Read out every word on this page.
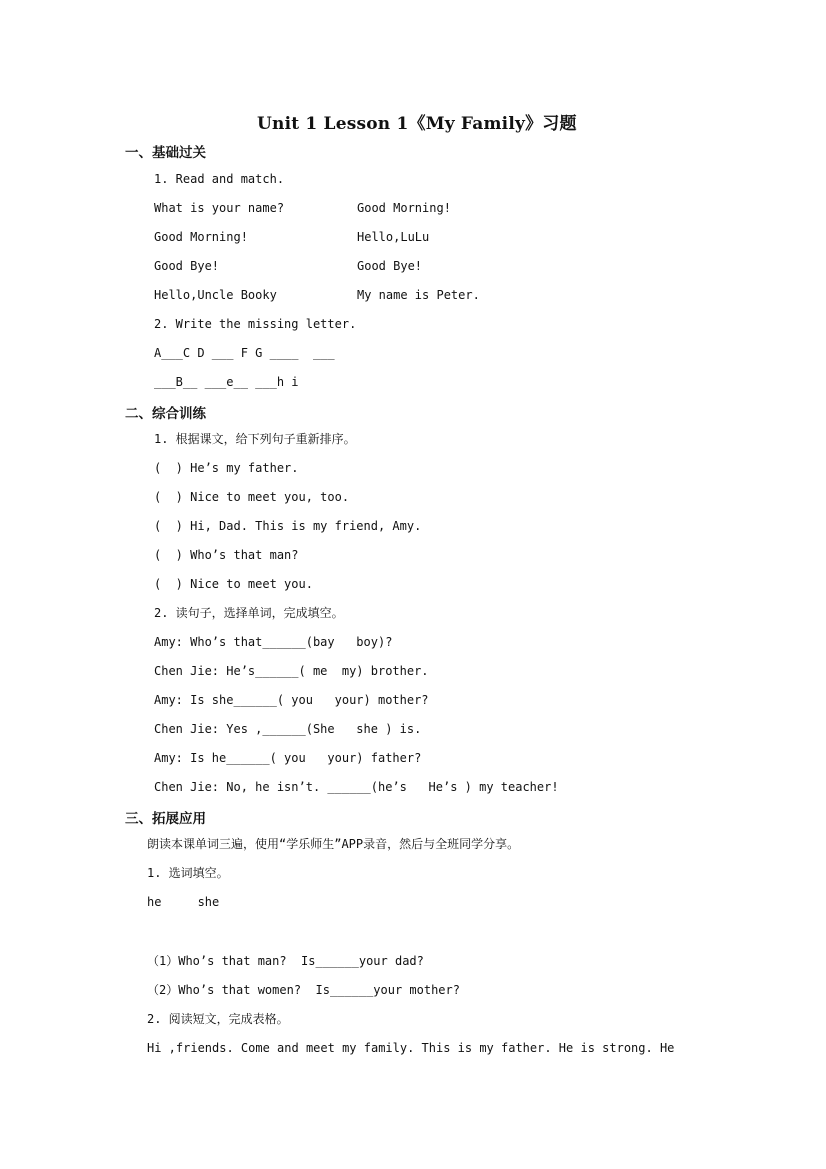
Unit 1 Lesson 1《My Family》习题
一、基础过关
1. Read and match.
What is your name?	Good Morning!
Good Morning!	Hello,LuLu
Good Bye!	Good Bye!
Hello,Uncle Booky	My name is Peter.
2. Write the missing letter.
A___C D ___ F G ____  ___
___B__ ___e__ ___h i
二、综合训练
1. 根据课文，给下列句子重新排序。
(  ) He’s my father.
(  ) Nice to meet you, too.
(  ) Hi, Dad. This is my friend, Amy.
(  ) Who’s that man?
(  ) Nice to meet you.
2. 读句子，选择单词，完成填空。
Amy: Who’s that______(bay   boy)?
Chen Jie: He’s______( me  my) brother.
Amy: Is she______( you   your) mother?
Chen Jie: Yes ,______(She   she ) is.
Amy: Is he______( you   your) father?
Chen Jie: No, he isn’t. ______(he’s   He’s ) my teacher!
三、拓展应用
朗读本课单词三遍，使用“学乐师生”APP录音，然后与全班同学分享。
1. 选词填空。
he     she
（1）Who’s that man?  Is______your dad?
（2）Who’s that women?  Is______your mother?
2. 阅读短文，完成表格。
Hi ,friends. Come and meet my family. This is my father. He is strong. He
